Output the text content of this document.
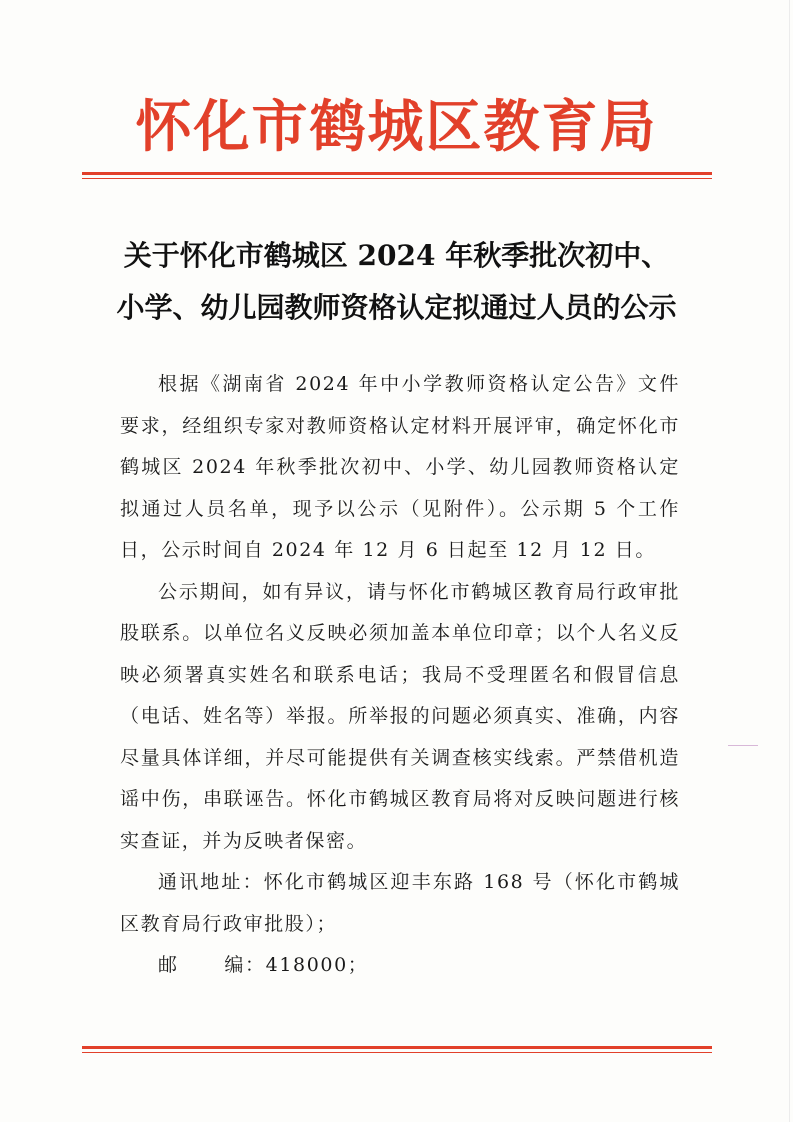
怀化市鹤城区教育局
关于怀化市鹤城区 2024 年秋季批次初中、
小学、幼儿园教师资格认定拟通过人员的公示

根据《湖南省 2024 年中小学教师资格认定公告》文件要求，经组织专家对教师资格认定材料开展评审，确定怀化市鹤城区 2024 年秋季批次初中、小学、幼儿园教师资格认定拟通过人员名单，现予以公示（见附件）。公示期 5 个工作日，公示时间自 2024 年 12 月 6 日起至 12 月 12 日。

公示期间，如有异议，请与怀化市鹤城区教育局行政审批股联系。以单位名义反映必须加盖本单位印章；以个人名义反映必须署真实姓名和联系电话；我局不受理匿名和假冒信息（电话、姓名等）举报。所举报的问题必须真实、准确，内容尽量具体详细，并尽可能提供有关调查核实线索。严禁借机造谣中伤，串联诬告。怀化市鹤城区教育局将对反映问题进行核实查证，并为反映者保密。

通讯地址：怀化市鹤城区迎丰东路 168 号（怀化市鹤城区教育局行政审批股）；

邮      编：418000；
